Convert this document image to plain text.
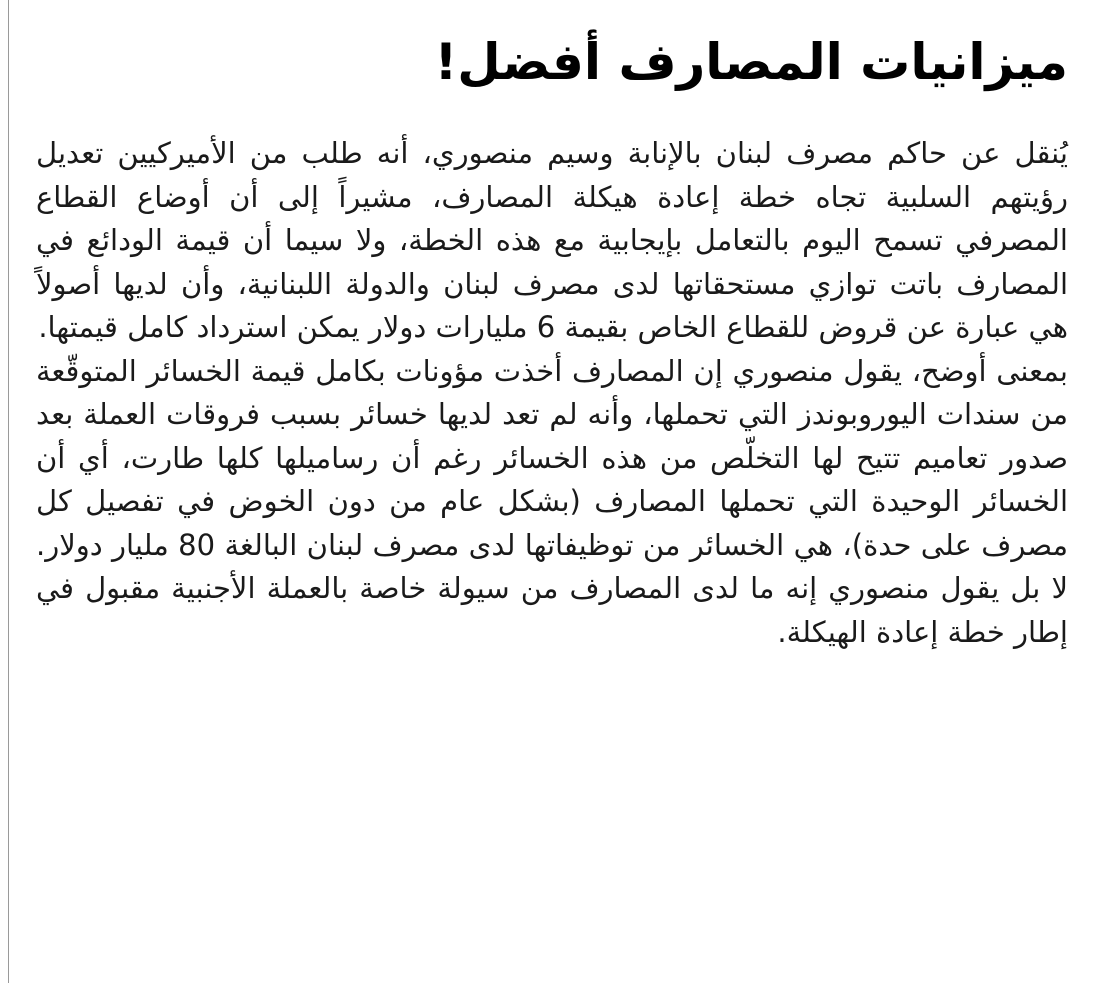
ميزانيات المصارف أفضل!

يُنقل عن حاكم مصرف لبنان بالإنابة وسيم منصوري، أنه طلب من الأميركيين تعديل رؤيتهم السلبية تجاه خطة إعادة هيكلة المصارف، مشيراً إلى أن أوضاع القطاع المصرفي تسمح اليوم بالتعامل بإيجابية مع هذه الخطة، ولا سيما أن قيمة الودائع في المصارف باتت توازي مستحقاتها لدى مصرف لبنان والدولة اللبنانية، وأن لديها أصولاً هي عبارة عن قروض للقطاع الخاص بقيمة 6 مليارات دولار يمكن استرداد كامل قيمتها.

بمعنى أوضح، يقول منصوري إن المصارف أخذت مؤونات بكامل قيمة الخسائر المتوقّعة من سندات اليوروبوندز التي تحملها، وأنه لم تعد لديها خسائر بسبب فروقات العملة بعد صدور تعاميم تتيح لها التخلّص من هذه الخسائر رغم أن رساميلها كلها طارت، أي أن الخسائر الوحيدة التي تحملها المصارف (بشكل عام من دون الخوض في تفصيل كل مصرف على حدة)، هي الخسائر من توظيفاتها لدى مصرف لبنان البالغة 80 مليار دولار. لا بل يقول منصوري إنه ما لدى المصارف من سيولة خاصة بالعملة الأجنبية مقبول في إطار خطة إعادة الهيكلة.
